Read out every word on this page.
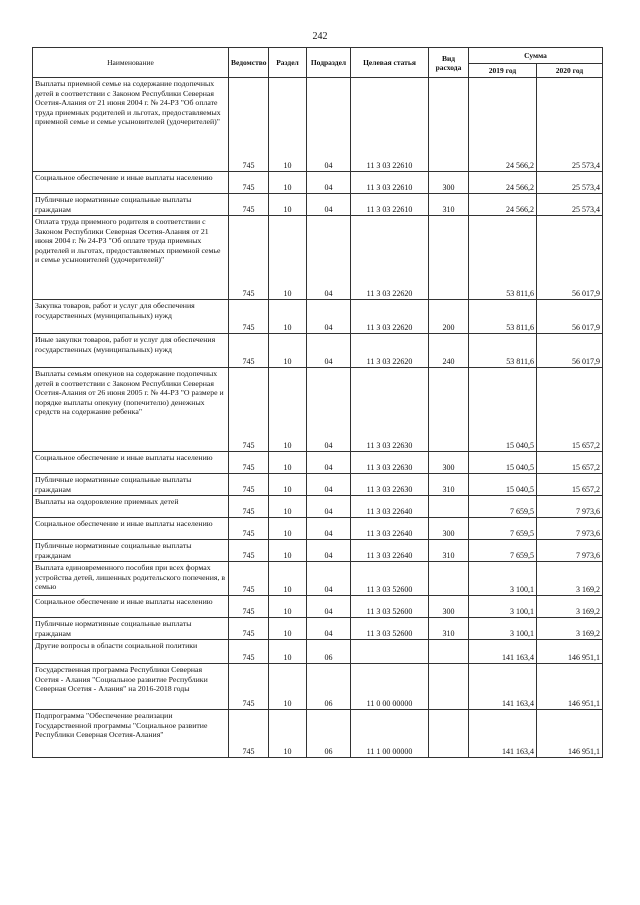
242
Наименование	Ведомство	Раздел	Подраздел	Целевая статья	Вид расхода	Сумма	
						2019 год	2020 год
Выплаты приемной семье на содержание подопечных детей в соответствии с Законом Республики Северная Осетия-Алания от 21 июня 2004 г. № 24-РЗ "Об оплате труда приемных родителей и льготах, предоставляемых приемной семье и семье усыновителей (удочерителей)"	745	10	04	11 3 03 22610		24 566,2	25 573,4
Социальное обеспечение и иные выплаты населению	745	10	04	11 3 03 22610	300	24 566,2	25 573,4
Публичные нормативные социальные выплаты гражданам	745	10	04	11 3 03 22610	310	24 566,2	25 573,4
Оплата труда приемного родителя в соответствии с Законом Республики Северная Осетия-Алания от 21 июня 2004 г. № 24-РЗ "Об оплате труда приемных родителей и льготах, предоставляемых приемной семье и семье усыновителей (удочерителей)"	745	10	04	11 3 03 22620		53 811,6	56 017,9
Закупка товаров, работ и услуг для обеспечения государственных (муниципальных) нужд	745	10	04	11 3 03 22620	200	53 811,6	56 017,9
Иные закупки товаров, работ и услуг для обеспечения государственных (муниципальных) нужд	745	10	04	11 3 03 22620	240	53 811,6	56 017,9
Выплаты семьям опекунов на содержание подопечных детей в соответствии с Законом Республики Северная Осетия-Алания от 26 июня 2005 г. № 44-РЗ "О размере и порядке выплаты опекуну (попечителю) денежных средств на содержание ребенка"	745	10	04	11 3 03 22630		15 040,5	15 657,2
Социальное обеспечение и иные выплаты населению	745	10	04	11 3 03 22630	300	15 040,5	15 657,2
Публичные нормативные социальные выплаты гражданам	745	10	04	11 3 03 22630	310	15 040,5	15 657,2
Выплаты на оздоровление приемных детей	745	10	04	11 3 03 22640		7 659,5	7 973,6
Социальное обеспечение и иные выплаты населению	745	10	04	11 3 03 22640	300	7 659,5	7 973,6
Публичные нормативные социальные выплаты гражданам	745	10	04	11 3 03 22640	310	7 659,5	7 973,6
Выплата единовременного пособия при всех формах устройства детей, лишенных родительского попечения, в семью	745	10	04	11 3 03 52600		3 100,1	3 169,2
Социальное обеспечение и иные выплаты населению	745	10	04	11 3 03 52600	300	3 100,1	3 169,2
Публичные нормативные социальные выплаты гражданам	745	10	04	11 3 03 52600	310	3 100,1	3 169,2
Другие вопросы в области социальной политики	745	10	06			141 163,4	146 951,1
Государственная программа Республики Северная Осетия - Алания "Социальное развитие Республики Северная Осетия - Алания" на 2016-2018 годы	745	10	06	11 0 00 00000		141 163,4	146 951,1
Подпрограмма "Обеспечение реализации Государственной программы "Социальное развитие Республики Северная Осетия-Алания"	745	10	06	11 1 00 00000		141 163,4	146 951,1
